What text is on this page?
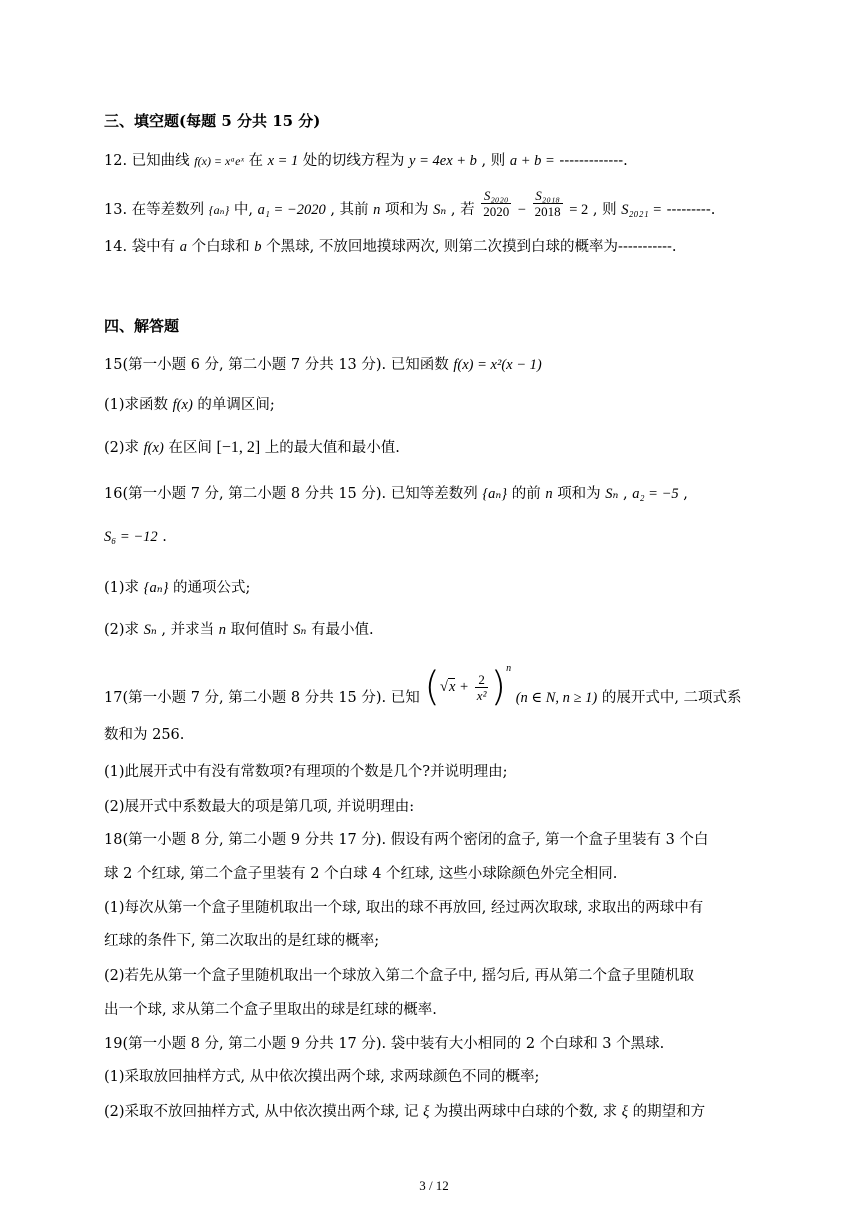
三、填空题(每题 5 分共 15 分)
12. 已知曲线 f(x) = xᵃeˣ 在 x = 1 处的切线方程为 y = 4ex + b , 则 a + b = -------------.
13. 在等差数列 {aₙ} 中, a₁ = −2020 , 其前 n 项和为 Sₙ , 若 $\frac{\text{S₂₀₂₀}}{2020} - \frac{\text{S₂₀₁₈}}{2018} = 2$ , 则 S₂₀₂₁ = ---------.
14. 袋中有 a 个白球和 b 个黑球, 不放回地摸球两次, 则第二次摸到白球的概率为-----------.
四、解答题
15(第一小题 6 分, 第二小题 7 分共 13 分). 已知函数 f(x) = x²(x − 1)
(1)求函数 f(x) 的单调区间;
(2)求 f(x) 在区间 [−1, 2] 上的最大值和最小值.
16(第一小题 7 分, 第二小题 8 分共 15 分). 已知等差数列 {aₙ} 的前 n 项和为 Sₙ , a₂ = −5 ,
S₆ = −12 .
(1)求 {aₙ} 的通项公式;
(2)求 Sₙ , 并求当 n 取何值时 Sₙ 有最小值.
17(第一小题 7 分, 第二小题 8 分共 15 分). 已知 $(√x + \frac{2}{\text{x²}} )^n$ (n ∈ N, n ≥ 1) 的展开式中, 二项式系
数和为 256.
(1)此展开式中有没有常数项?有理项的个数是几个?并说明理由;
(2)展开式中系数最大的项是第几项, 并说明理由:
18(第一小题 8 分, 第二小题 9 分共 17 分). 假设有两个密闭的盒子, 第一个盒子里装有 3 个白
球 2 个红球, 第二个盒子里装有 2 个白球 4 个红球, 这些小球除颜色外完全相同.
(1)每次从第一个盒子里随机取出一个球, 取出的球不再放回, 经过两次取球, 求取出的两球中有
红球的条件下, 第二次取出的是红球的概率;
(2)若先从第一个盒子里随机取出一个球放入第二个盒子中, 摇匀后, 再从第二个盒子里随机取
出一个球, 求从第二个盒子里取出的球是红球的概率.
19(第一小题 8 分, 第二小题 9 分共 17 分). 袋中装有大小相同的 2 个白球和 3 个黑球.
(1)采取放回抽样方式, 从中依次摸出两个球, 求两球颜色不同的概率;
(2)采取不放回抽样方式, 从中依次摸出两个球, 记 ξ 为摸出两球中白球的个数, 求 ξ 的期望和方
3 / 12
